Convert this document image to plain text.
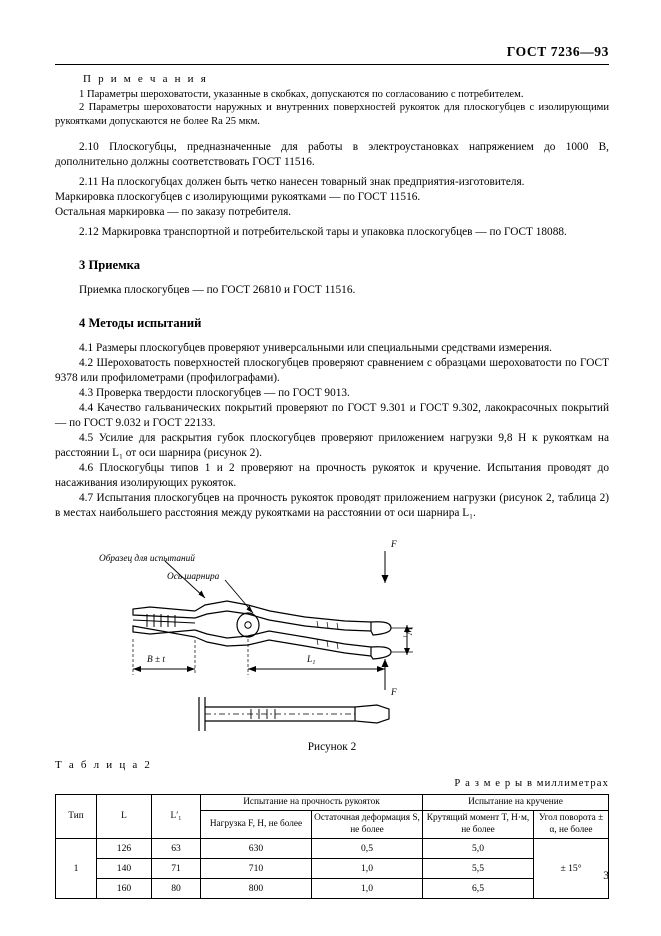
ГОСТ 7236—93
П р и м е ч а н и я

1 Параметры шероховатости, указанные в скобках, допускаются по согласованию с потребителем.

2 Параметры шероховатости наружных и внутренних поверхностей рукояток для плоскогубцев с изолирующими рукоятками допускаются не более Ra 25 мкм.

2.10 Плоскогубцы, предназначенные для работы в электроустановках напряжением до 1000 В, дополнительно должны соответствовать ГОСТ 11516.

2.11 На плоскогубцах должен быть четко нанесен товарный знак предприятия-изготовителя.

Маркировка плоскогубцев с изолирующими рукоятками — по ГОСТ 11516.

Остальная маркировка — по заказу потребителя.

2.12 Маркировка транспортной и потребительской тары и упаковка плоскогубцев — по ГОСТ 18088.

3 Приемка

Приемка плоскогубцев — по ГОСТ 26810 и ГОСТ 11516.

4 Методы испытаний

4.1 Размеры плоскогубцев проверяют универсальными или специальными средствами измерения.

4.2 Шероховатость поверхностей плоскогубцев проверяют сравнением с образцами шероховатости по ГОСТ 9378 или профилометрами (профилографами).

4.3 Проверка твердости плоскогубцев — по ГОСТ 9013.

4.4 Качество гальванических покрытий проверяют по ГОСТ 9.301 и ГОСТ 9.302, лакокрасочных покрытий — по ГОСТ 9.032 и ГОСТ 22133.

4.5 Усилие для раскрытия губок плоскогубцев проверяют приложением нагрузки 9,8 Н к рукояткам на расстоянии L₁ от оси шарнира (рисунок 2).

4.6 Плоскогубцы типов 1 и 2 проверяют на прочность рукояток и кручение. Испытания проводят до насаживания изолирующих рукояток.

4.7 Испытания плоскогубцев на прочность рукояток проводят приложением нагрузки (рисунок 2, таблица 2) в местах наибольшего расстояния между рукоятками на расстоянии от оси шарнира L₁.

Образец для испытаний
Ось шарнира
F
F
W₁
B ± t	L₁
Рисунок 2
Т а б л и ц а 2
Р а з м е р ы в миллиметрах
Тип	L	L′₁	Испытание на прочность рукояток		Испытание на кручение	
			Нагрузка F, Н, не более	Остаточная деформация S, не более	Крутящий момент T, Н·м, не более	Угол поворота ± α, не более
1	126	63	630	0,5	5,0	± 15°
	140	71	710	1,0	5,5	
	160	80	800	1,0	6,5	
3
